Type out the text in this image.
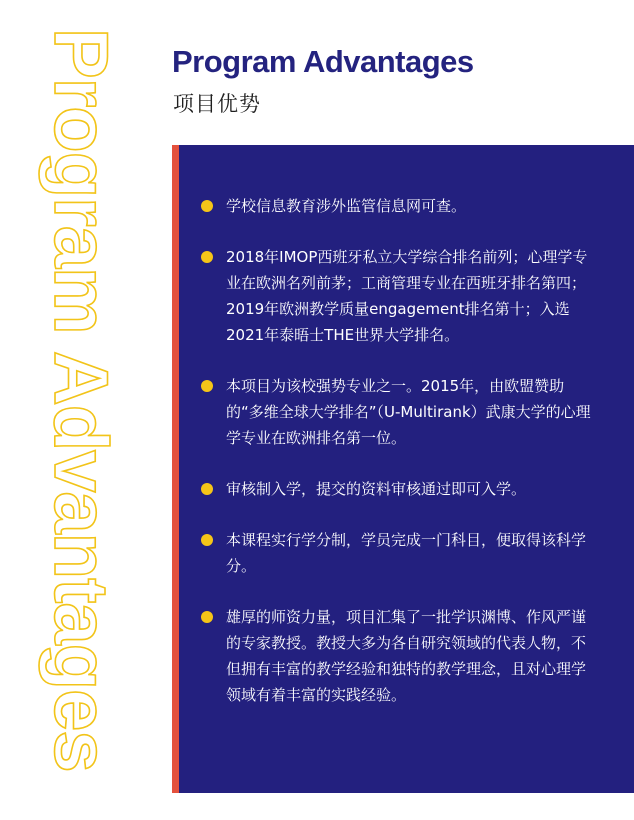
Program Advantages Program Advantages
项目优势
学校信息教育涉外监管信息网可查。
2018年IMOP西班牙私立大学综合排名前列；心理学专业在欧洲名列前茅；工商管理专业在西班牙排名第四；2019年欧洲教学质量engagement排名第十；入选2021年泰晤士THE世界大学排名。
本项目为该校强势专业之一。2015年，由欧盟赞助的“多维全球大学排名”（U-Multirank）武康大学的心理学专业在欧洲排名第一位。
审核制入学，提交的资料审核通过即可入学。
本课程实行学分制，学员完成一门科目，便取得该科学分。
雄厚的师资力量，项目汇集了一批学识渊博、作风严谨的专家教授。教授大多为各自研究领域的代表人物，不但拥有丰富的教学经验和独特的教学理念，且对心理学领域有着丰富的实践经验。
